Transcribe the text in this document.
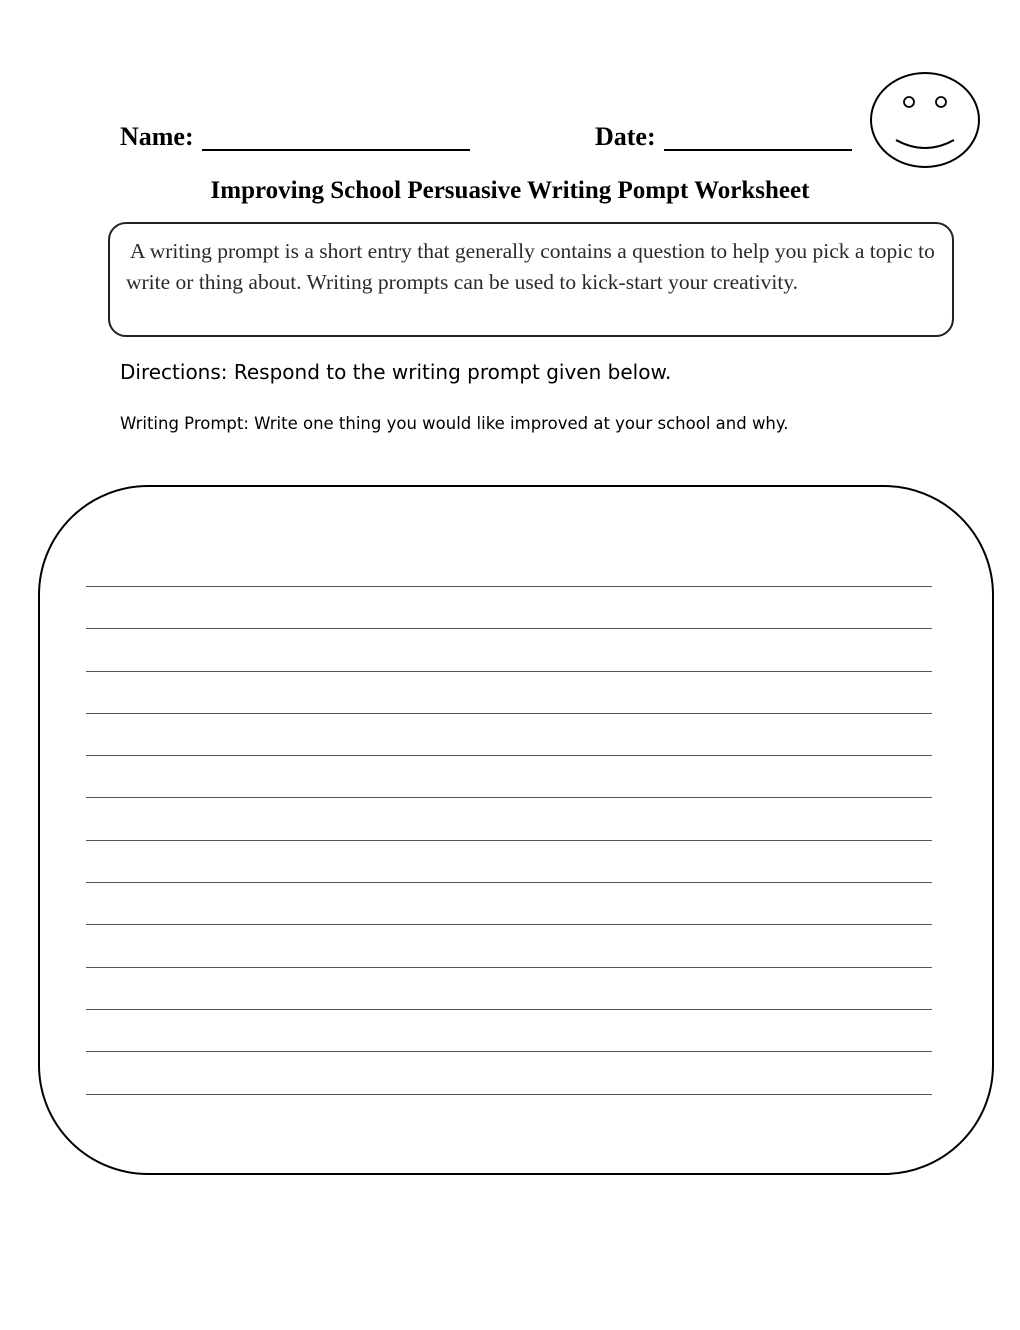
Name:	Date:
Improving School Persuasive Writing Pompt Worksheet

A writing prompt is a short entry that generally contains a question to help you pick a topic to write or thing about. Writing prompts can be used to kick-start your creativity.

Directions: Respond to the writing prompt given below.
Writing Prompt: Write one thing you would like improved at your school and why.
